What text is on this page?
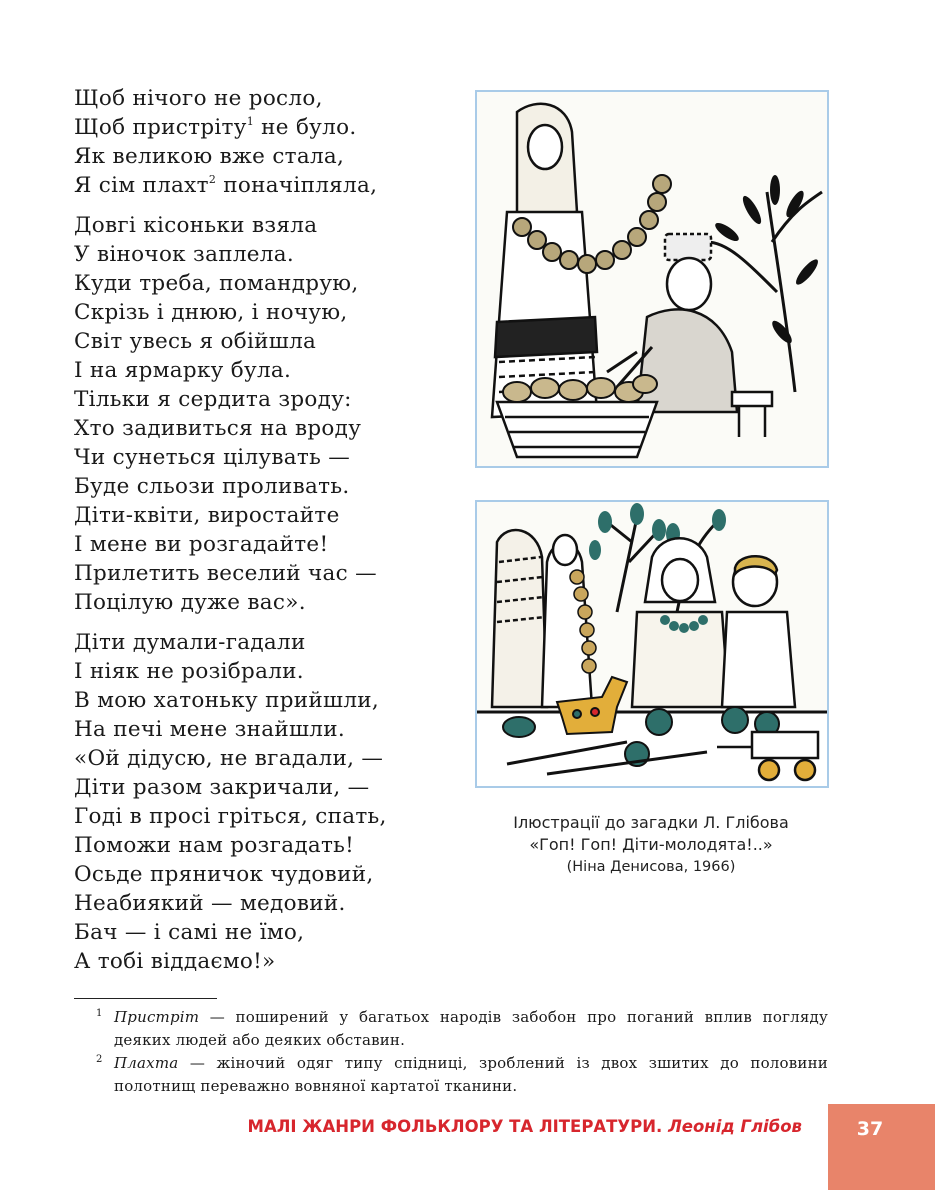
Щоб нічого не росло,
Щоб пристріту$^1$ не було.
Як великою вже стала,
Я сім плахт$^2$ поначіпляла,
Довгі кісоньки взяла
У віночок заплела.
Куди треба, помандрую,
Скрізь і днюю, і ночую,
Світ увесь я обійшла
І на ярмарку була.
Тільки я сердита зроду:
Хто задивиться на вроду
Чи сунеться цілувать —
Буде сльози проливать.
Діти-квіти, виростайте
І мене ви розгадайте!
Прилетить веселий час —
Поцілую дуже вас».
Діти думали-гадали
І ніяк не розібрали.
В мою хатоньку прийшли,
На печі мене знайшли.
«Ой дідусю, не вгадали, —
Діти разом закричали, —
Годі в просі гріться, спать,
Поможи нам розгадать!
Осьде пряничок чудовий,
Неабиякий — медовий.
Бач — і самі не їмо,
А тобі віддаємо!»
Ілюстрації до загадки Л. Глібова
«Гоп! Гоп! Діти-молодята!..»
(Ніна Денисова, 1966)
1 Пристріт — поширений у багатьох народів забобон про поганий вплив погляду деяких людей або деяких обставин.
2 Плахта — жіночий одяг типу спідниці, зроблений із двох зшитих до половини полотнищ переважно вовняної картатої тканини.
МАЛІ ЖАНРИ ФОЛЬКЛОРУ ТА ЛІТЕРАТУРИ. Леонід Глібов	37
